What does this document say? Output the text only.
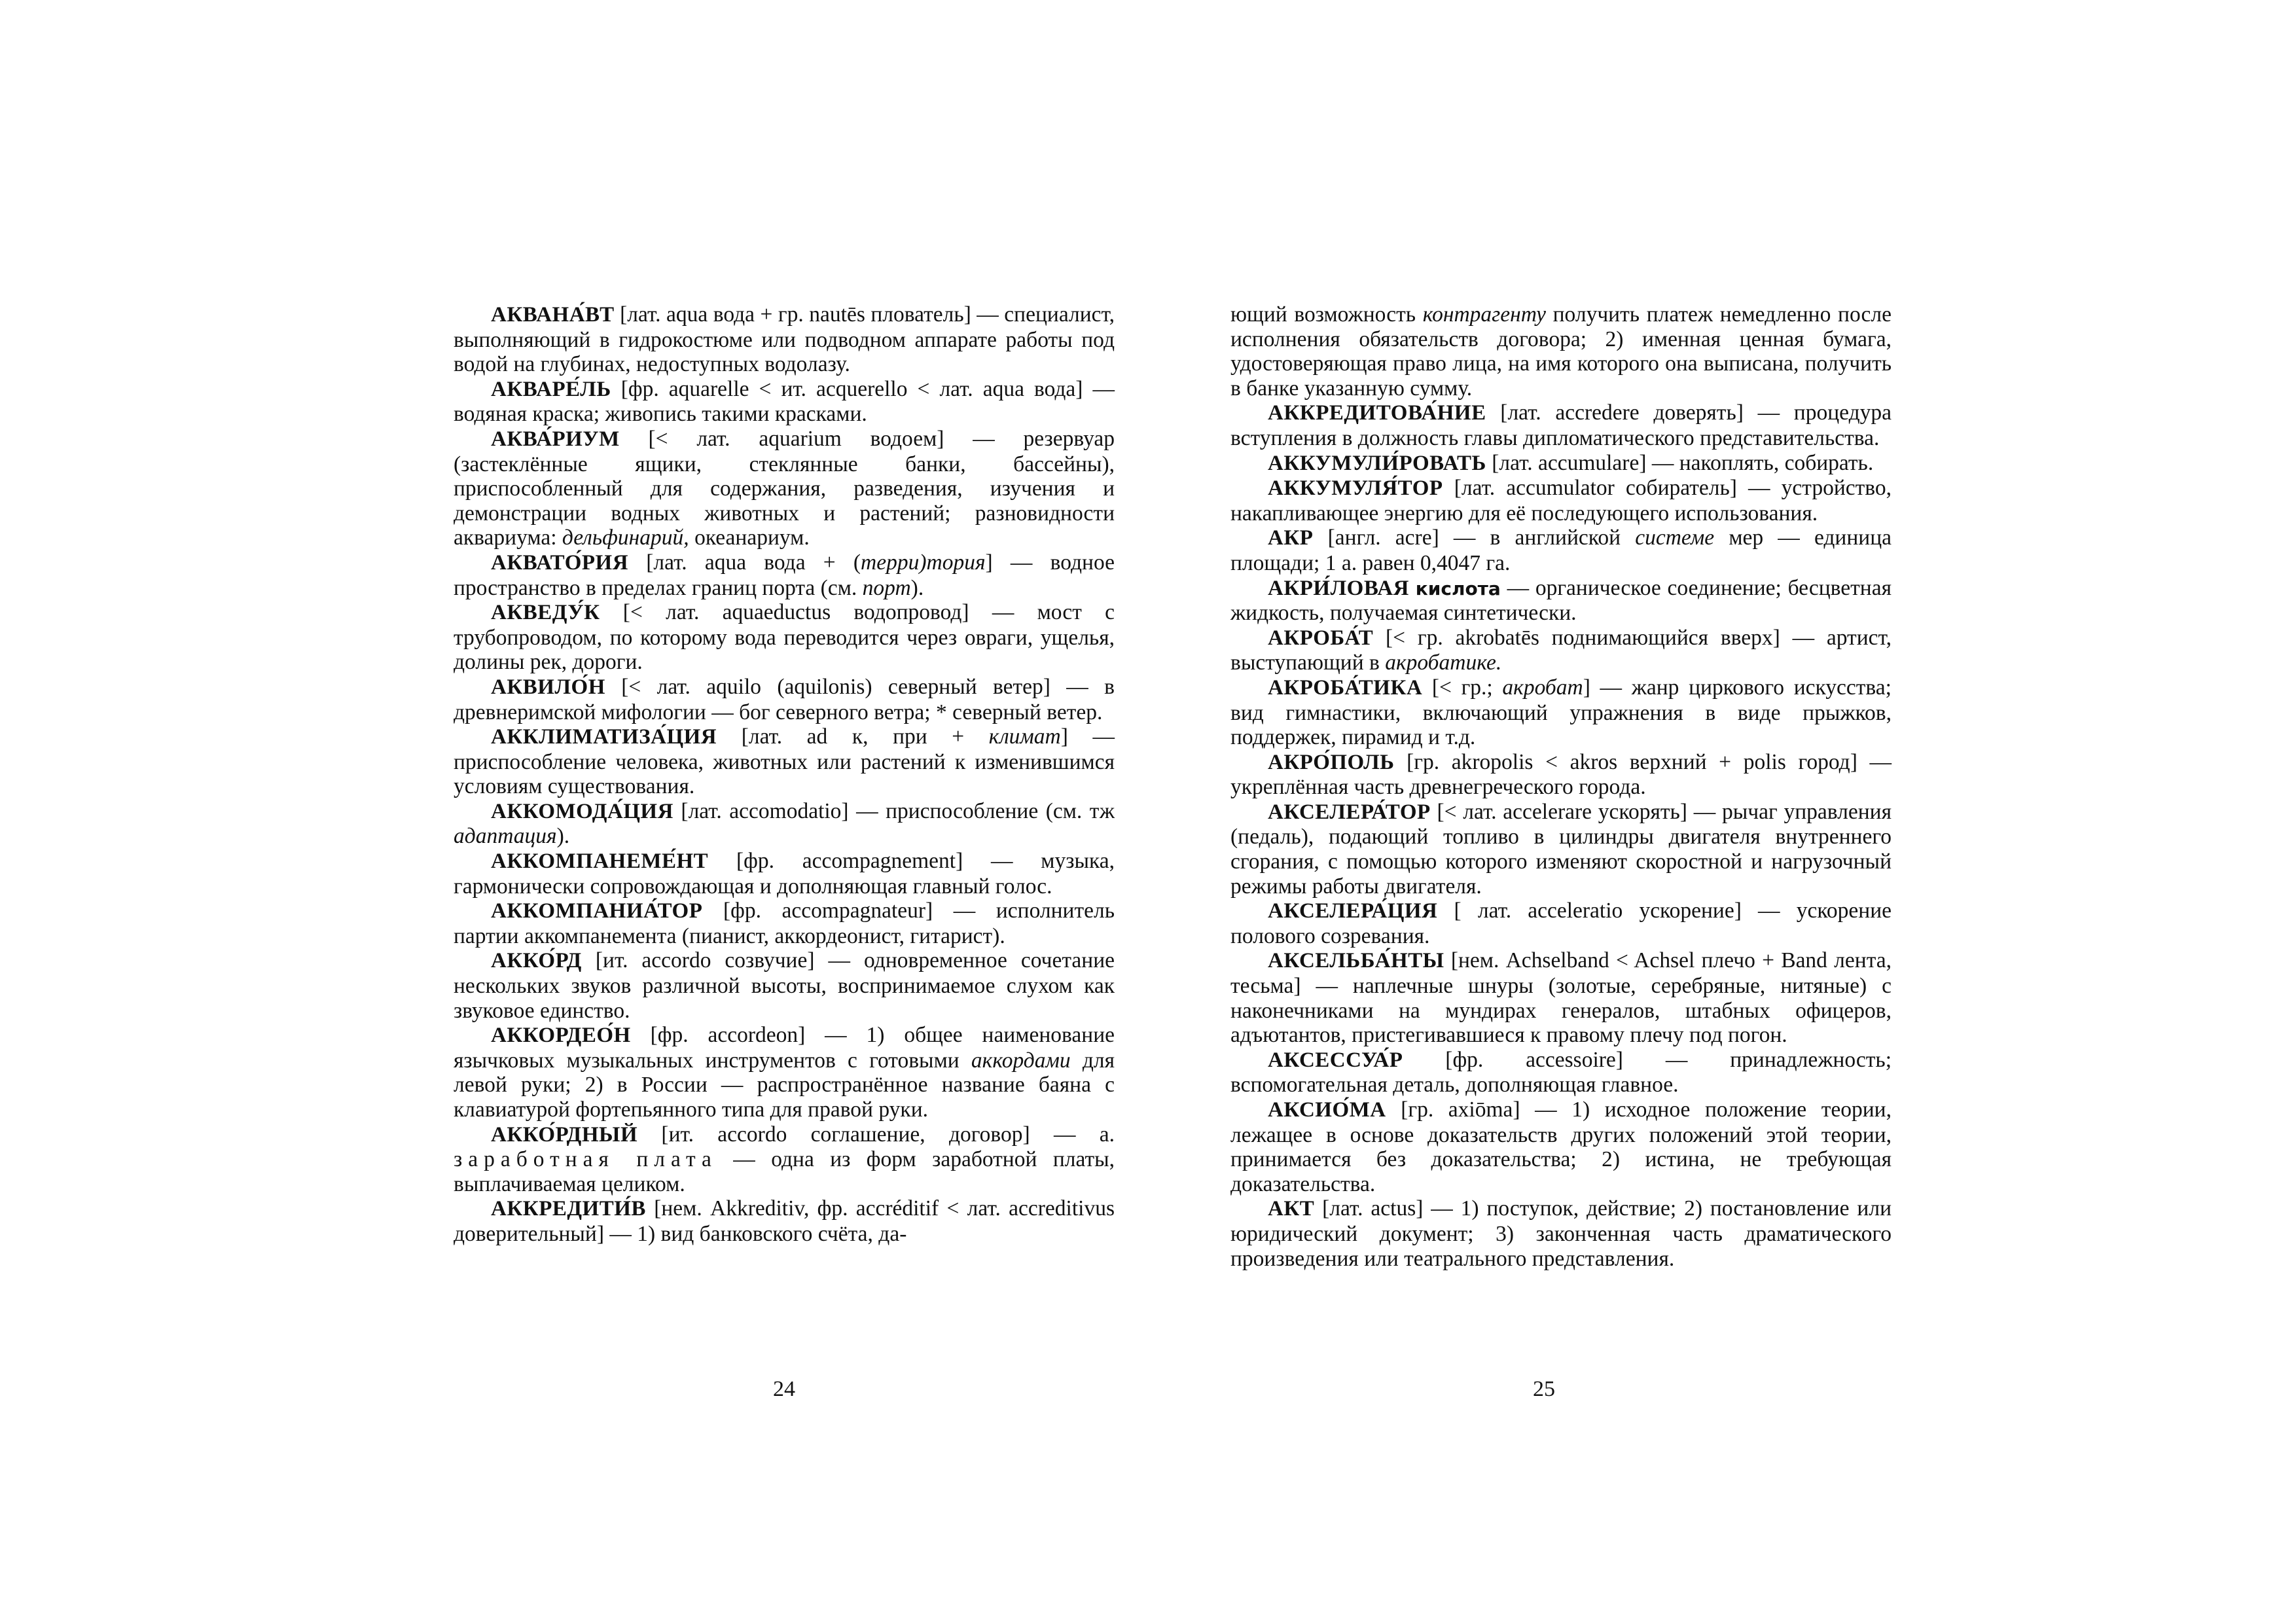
АКВАНА́ВТ [лат. aqua вода + гр. nautēs плователь] — специалист, выполняющий в гидрокостюме или подводном аппарате работы под водой на глубинах, недоступных водолазу.

АКВАРЕ́ЛЬ [фр. aquarelle < ит. acquerello < лат. aqua вода] — водяная краска; живопись такими красками.

АКВА́РИУМ [< лат. aquarium водоем] — резервуар (застеклённые ящики, стеклянные банки, бассейны), приспособленный для содержания, разведения, изучения и демонстрации водных животных и растений; разновидности аквариума: дельфинарий, океанариум.

АКВАТО́РИЯ [лат. aqua вода + (терри)тория] — водное пространство в пределах границ порта (см. порт).

АКВЕДУ́К [< лат. aquaeductus водопровод] — мост с трубопроводом, по которому вода переводится через овраги, ущелья, долины рек, дороги.

АКВИЛО́Н [< лат. aquilo (aquilonis) северный ветер] — в древнеримской мифологии — бог северного ветра; * северный ветер.

АККЛИМАТИЗА́ЦИЯ [лат. ad к, при + климат] — приспособление человека, животных или растений к изменившимся условиям существования.

АККОМОДА́ЦИЯ [лат. accomodatio] — приспособление (см. тж адаптация).

АККОМПАНЕМЕ́НТ [фр. accompagnement] — музыка, гармонически сопровождающая и дополняющая главный голос.

АККОМПАНИА́ТОР [фр. accompagnateur] — исполнитель партии аккомпанемента (пианист, аккордеонист, гитарист).

АККО́РД [ит. accordo созвучие] — одновременное сочетание нескольких звуков различной высоты, воспринимаемое слухом как звуковое единство.

АККОРДЕО́Н [фр. accordeon] — 1) общее наименование язычковых музыкальных инструментов с готовыми аккордами для левой руки; 2) в России — распространённое название баяна с клавиатурой фортепьянного типа для правой руки.

АККО́РДНЫЙ [ит. accordo соглашение, договор] — а. заработная плата — одна из форм заработной платы, выплачиваемая целиком.

АККРЕДИТИ́В [нем. Akkreditiv, фр. accréditif < лат. accreditivus доверительный] — 1) вид банковского счёта, да-

24

ющий возможность контрагенту получить платеж немедленно после исполнения обязательств договора; 2) именная ценная бумага, удостоверяющая право лица, на имя которого она выписана, получить в банке указанную сумму.

АККРЕДИТОВА́НИЕ [лат. accredere доверять] — процедура вступления в должность главы дипломатического представительства.

АККУМУЛИ́РОВАТЬ [лат. accumulare] — накоплять, собирать.

АККУМУЛЯ́ТОР [лат. accumulator собиратель] — устройство, накапливающее энергию для её последующего использования.

АКР [англ. acre] — в английской системе мер — единица площади; 1 а. равен 0,4047 га.

АКРИ́ЛОВАЯ кислота — органическое соединение; бесцветная жидкость, получаемая синтетически.

АКРОБА́Т [< гр. akrobatēs поднимающийся вверх] — артист, выступающий в акробатике.

АКРОБА́ТИКА [< гр.; акробат] — жанр циркового искусства; вид гимнастики, включающий упражнения в виде прыжков, поддержек, пирамид и т.д.

АКРО́ПОЛЬ [гр. akropolis < akros верхний + polis город] — укреплённая часть древнегреческого города.

АКСЕЛЕРА́ТОР [< лат. accelerare ускорять] — рычаг управления (педаль), подающий топливо в цилиндры двигателя внутреннего сгорания, с помощью которого изменяют скоростной и нагрузочный режимы работы двигателя.

АКСЕЛЕРА́ЦИЯ [ лат. acceleratio ускорение] — ускорение полового созревания.

АКСЕЛЬБА́НТЫ [нем. Achselband < Achsel плечо + Band лента, тесьма] — наплечные шнуры (золотые, серебряные, нитяные) с наконечниками на мундирах генералов, штабных офицеров, адъютантов, пристегивавшиеся к правому плечу под погон.

АКСЕССУА́Р [фр. accessoire] — принадлежность; вспомогательная деталь, дополняющая главное.

АКСИО́МА [гр. axiōma] — 1) исходное положение теории, лежащее в основе доказательств других положений этой теории, принимается без доказательства; 2) истина, не требующая доказательства.

АКТ [лат. actus] — 1) поступок, действие; 2) постановление или юридический документ; 3) законченная часть драматического произведения или театрального представления.

25
